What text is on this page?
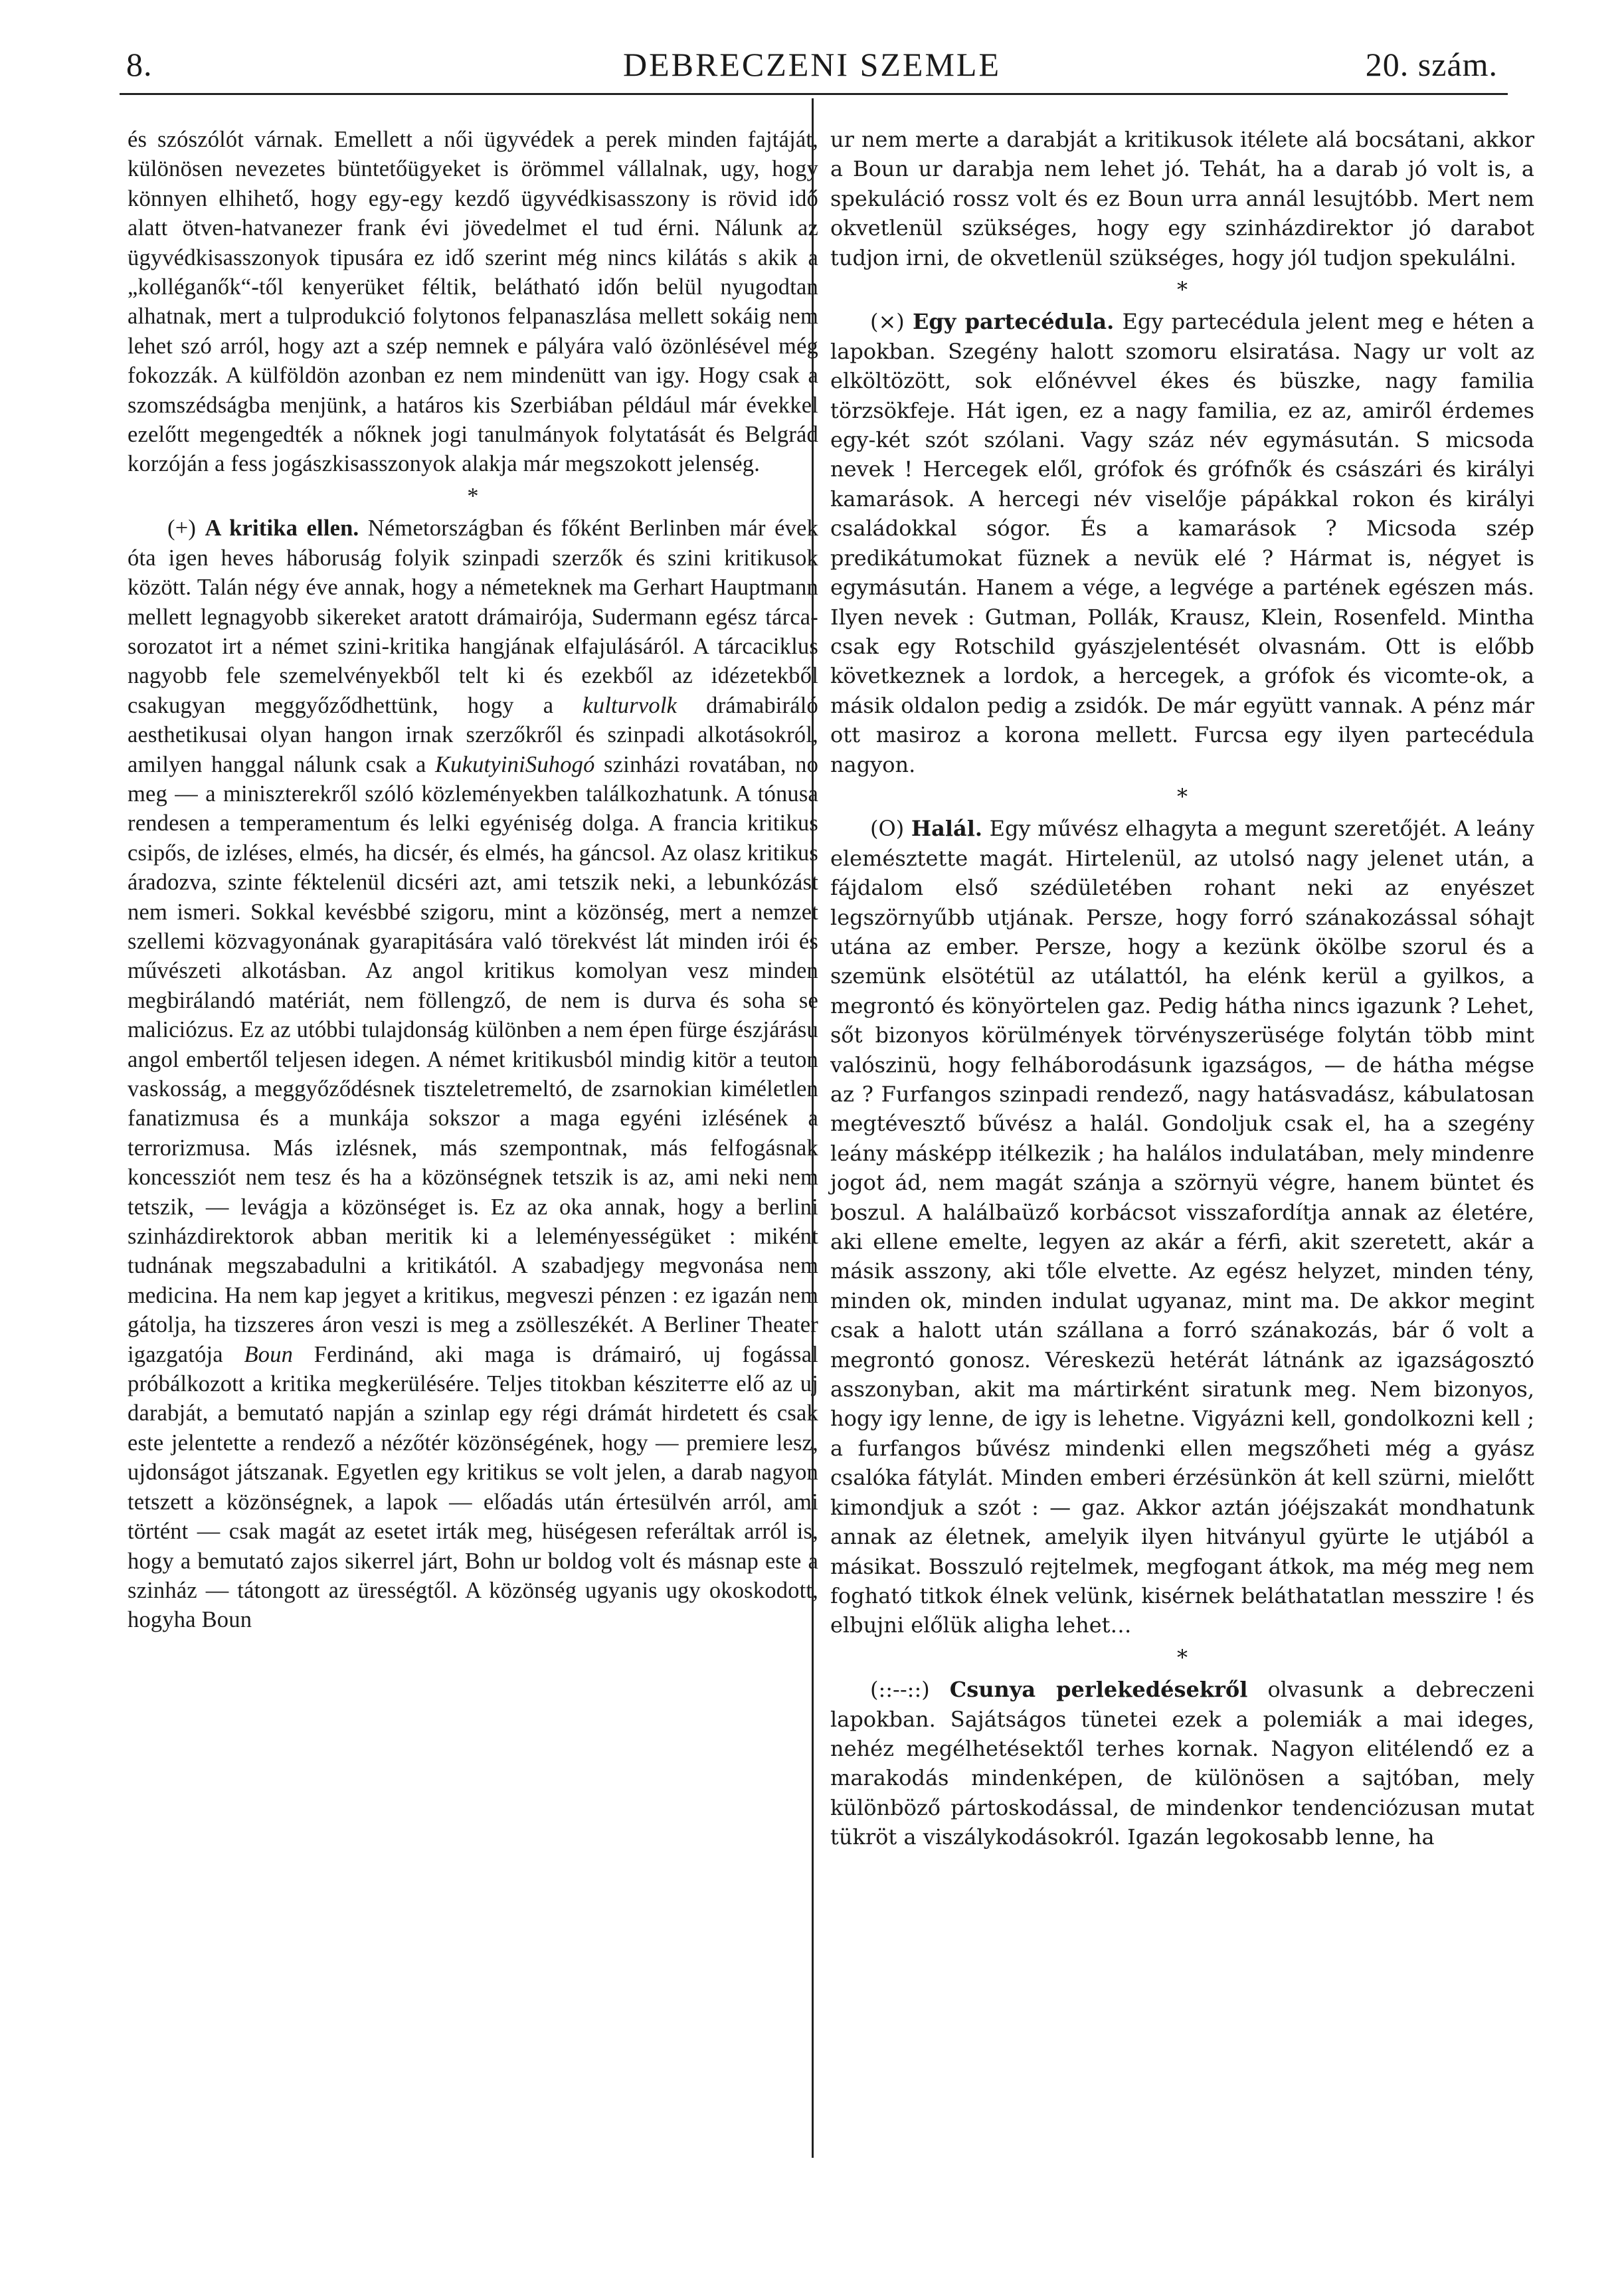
8.	DEBRECZENI SZEMLE	20. szám.

és szószólót várnak. Emellett a női ügyvédek a perek minden fajtáját, különösen nevezetes büntetőügyeket is örömmel vállalnak, ugy, hogy könnyen elhihető, hogy egy-egy kezdő ügyvédkisasszony is rövid idő alatt ötven-hatvanezer frank évi jövedelmet el tud érni. Nálunk az ügyvédkisasszonyok tipusára ez idő szerint még nincs kilátás s akik a „kolléganők“-től kenyerüket féltik, belátható időn belül nyugodtan alhatnak, mert a tulprodukció folytonos felpanaszlása mellett sokáig nem lehet szó arról, hogy azt a szép nemnek e pályára való özönlésével még fokozzák. A külföldön azonban ez nem mindenütt van igy. Hogy csak a szomszédságba menjünk, a határos kis Szerbiában például már évekkel ezelőtt megengedték a nőknek jogi tanulmányok folytatását és Belgrád korzóján a fess jogászkisasszonyok alakja már megszokott jelenség.

*

(+) A kritika ellen. Németországban és főként Berlinben már évek óta igen heves háboruság folyik szinpadi szerzők és szini kritikusok között. Talán négy éve annak, hogy a németeknek ma Gerhart Hauptmann mellett legnagyobb sikereket aratott drámairója, Sudermann egész tárca-sorozatot irt a német szini-kritika hangjának elfajulásáról. A tárcaciklus nagyobb fele szemelvényekből telt ki és ezekből az idézetekből csakugyan meggyőződhettünk, hogy a kulturvolk drámabiráló aesthetikusai olyan hangon irnak szerzőkről és szinpadi alkotásokról, amilyen hanggal nálunk csak a KukutyiniSuhogó szinházi rovatában, no meg — a miniszterekről szóló közleményekben találkozhatunk. A tónusa rendesen a temperamentum és lelki egyéniség dolga. A francia kritikus csipős, de izléses, elmés, ha dicsér, és elmés, ha gáncsol. Az olasz kritikus áradozva, szinte féktelenül dicséri azt, ami tetszik neki, a lebunkózást nem ismeri. Sokkal kevésbbé szigoru, mint a közönség, mert a nemzet szellemi közvagyonának gyarapitására való törekvést lát minden irói és művészeti alkotásban. Az angol kritikus komolyan vesz minden megbirálandó matériát, nem föllengző, de nem is durva és soha se maliciózus. Ez az utóbbi tulajdonság különben a nem épen fürge észjárásu angol embertől teljesen idegen. A német kritikusból mindig kitör a teuton vaskosság, a meggyőződésnek tiszteletremeltó, de zsarnokian kiméletlen fanatizmusa és a munkája sokszor a maga egyéni izlésének a terrorizmusa. Más izlésnek, más szempontnak, más felfogásnak koncessziót nem tesz és ha a közönségnek tetszik is az, ami neki nem tetszik, — levágja a közönséget is. Ez az oka annak, hogy a berlini szinházdirektorok abban meritik ki a leleményességüket : miként tudnának megszabadulni a kritikától. A szabadjegy megvonása nem medicina. Ha nem kap jegyet a kritikus, megveszi pénzen : ez igazán nem gátolja, ha tizszeres áron veszi is meg a zsölleszékét. A Berliner Theater igazgatója Boun Ferdinánd, aki maga is drámairó, uj fogással próbálkozott a kritika megkerülésére. Teljes titokban késziteтте elő az uj darabját, a bemutató napján a szinlap egy régi drámát hirdetett és csak este jelentette a rendező a nézőtér közönségének, hogy — premiere lesz, ujdonságot játszanak. Egyetlen egy kritikus se volt jelen, a darab nagyon tetszett a közönségnek, a lapok — előadás után értesülvén arról, ami történt — csak magát az esetet irták meg, hüségesen referáltak arról is, hogy a bemutató zajos sikerrel járt, Bohn ur boldog volt és másnap este a szinház — tátongott az ürességtől. A közönség ugyanis ugy okoskodott, hogyha Boun

ur nem merte a darabját a kritikusok itélete alá bocsátani, akkor a Boun ur darabja nem lehet jó. Tehát, ha a darab jó volt is, a spekuláció rossz volt és ez Boun urra annál lesujtóbb. Mert nem okvetlenül szükséges, hogy egy szinházdirektor jó darabot tudjon irni, de okvetlenül szükséges, hogy jól tudjon spekulálni.

*

(×) Egy partecédula. Egy partecédula jelent meg e héten a lapokban. Szegény halott szomoru elsiratása. Nagy ur volt az elköltözött, sok előnévvel ékes és büszke, nagy familia törzsökfeje. Hát igen, ez a nagy familia, ez az, amiről érdemes egy-két szót szólani. Vagy száz név egymásután. S micsoda nevek ! Hercegek elől, grófok és grófnők és császári és királyi kamarások. A hercegi név viselője pápákkal rokon és királyi családokkal sógor. És a kamarások ? Micsoda szép predikátumokat füznek a nevük elé ? Hármat is, négyet is egymásután. Hanem a vége, a legvége a partének egészen más. Ilyen nevek : Gutman, Pollák, Krausz, Klein, Rosenfeld. Mintha csak egy Rotschild gyászjelentését olvasnám. Ott is előbb következnek a lordok, a hercegek, a grófok és vicomte-ok, a másik oldalon pedig a zsidók. De már együtt vannak. A pénz már ott masiroz a korona mellett. Furcsa egy ilyen partecédula nagyon.

*

(O) Halál. Egy művész elhagyta a megunt szeretőjét. A leány elemésztette magát. Hirtelenül, az utolsó nagy jelenet után, a fájdalom első szédületében rohant neki az enyészet legszörnyűbb utjának. Persze, hogy forró szánakozással sóhajt utána az ember. Persze, hogy a kezünk ökölbe szorul és a szemünk elsötétül az utálattól, ha elénk kerül a gyilkos, a megrontó és könyörtelen gaz. Pedig hátha nincs igazunk ? Lehet, sőt bizonyos körülmények törvényszerüsége folytán több mint valószinü, hogy felháborodásunk igazságos, — de hátha mégse az ? Furfangos szinpadi rendező, nagy hatásvadász, kábulatosan megtévesztő bűvész a halál. Gondoljuk csak el, ha a szegény leány másképp itélkezik ; ha halálos indulatában, mely mindenre jogot ád, nem magát szánja a szörnyü végre, hanem büntet és boszul. A halálbaüző korbácsot visszafordítja annak az életére, aki ellene emelte, legyen az akár a férfi, akit szeretett, akár a másik asszony, aki tőle elvette. Az egész helyzet, minden tény, minden ok, minden indulat ugyanaz, mint ma. De akkor megint csak a halott után szállana a forró szánakozás, bár ő volt a megrontó gonosz. Véreskezü hetérát látnánk az igazságosztó asszonyban, akit ma mártirként siratunk meg. Nem bizonyos, hogy igy lenne, de igy is lehetne. Vigyázni kell, gondolkozni kell ; a furfangos bűvész mindenki ellen megszőheti még a gyász csalóka fátylát. Minden emberi érzésünkön át kell szürni, mielőtt kimondjuk a szót : — gaz. Akkor aztán jóéjszakát mondhatunk annak az életnek, amelyik ilyen hitványul gyürte le utjából a másikat. Bosszuló rejtelmek, megfogant átkok, ma még meg nem fogható titkok élnek velünk, kisérnek beláthatatlan messzire ! és elbujni előlük aligha lehet…

*

(::--::) Csunya perlekedésekről olvasunk a debreczeni lapokban. Sajátságos tünetei ezek a polemiák a mai ideges, nehéz megélhetésektől terhes kornak. Nagyon elitélendő ez a marakodás mindenképen, de különösen a sajtóban, mely különböző pártoskodással, de mindenkor tendenciózusan mutat tükröt a viszálykodásokról. Igazán legokosabb lenne, ha
